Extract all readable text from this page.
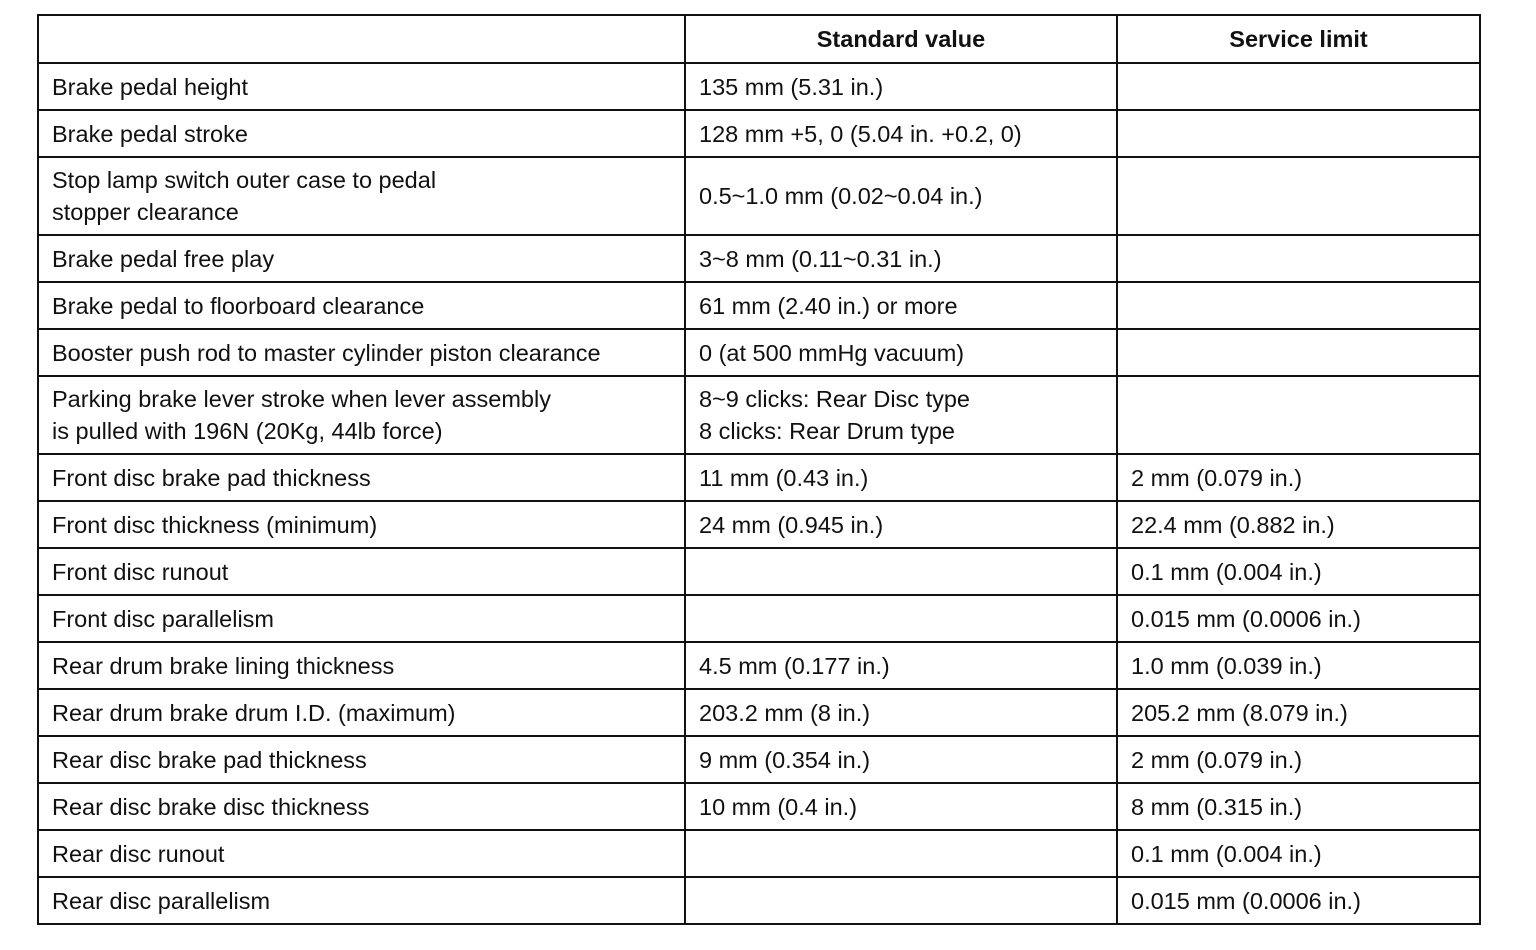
	Standard value	Service limit

Brake pedal height	135 mm (5.31 in.)	

Brake pedal stroke	128 mm +5, 0 (5.04 in. +0.2, 0)	

Stop lamp switch outer case to pedal
stopper clearance	0.5~1.0 mm (0.02~0.04 in.)	

Brake pedal free play	3~8 mm (0.11~0.31 in.)	

Brake pedal to floorboard clearance	61 mm (2.40 in.) or more	

Booster push rod to master cylinder piston clearance	0 (at 500 mmHg vacuum)	

Parking brake lever stroke when lever assembly
is pulled with 196N (20Kg, 44lb force)	8~9 clicks: Rear Disc type
8 clicks: Rear Drum type	

Front disc brake pad thickness	11 mm (0.43 in.)	2 mm (0.079 in.)

Front disc thickness (minimum)	24 mm (0.945 in.)	22.4 mm (0.882 in.)

Front disc runout		0.1 mm (0.004 in.)

Front disc parallelism		0.015 mm (0.0006 in.)

Rear drum brake lining thickness	4.5 mm (0.177 in.)	1.0 mm (0.039 in.)

Rear drum brake drum I.D. (maximum)	203.2 mm (8 in.)	205.2 mm (8.079 in.)

Rear disc brake pad thickness	9 mm (0.354 in.)	2 mm (0.079 in.)

Rear disc brake disc thickness	10 mm (0.4 in.)	8 mm (0.315 in.)

Rear disc runout		0.1 mm (0.004 in.)

Rear disc parallelism		0.015 mm (0.0006 in.)
